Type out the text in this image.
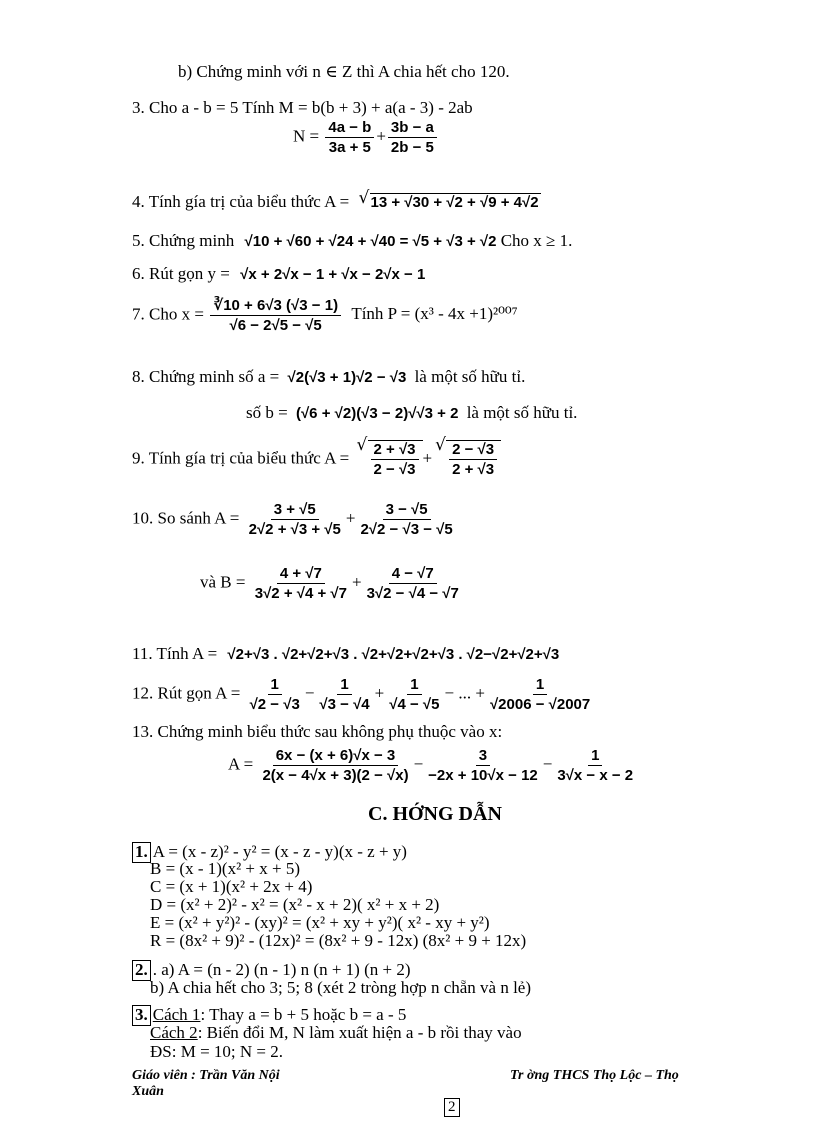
b) Chứng minh với n ∈ Z thì A chia hết cho 120.
3. Cho a - b = 5 Tính M = b(b + 3) + a(a - 3) - 2ab
$N = \frac{4a - b}{3a + 5} + \frac{3b - a}{2b - 5}$
4. Tính gía trị của biểu thức A = √ 13 + √30 + √2 + √9 + 4√2
5. Chứng minh √10 + √60 + √24 + √40 = √5 + √3 + √2 Cho x ≥ 1.
6. Rút gọn y = √x + 2√x − 1 + √x − 2√x − 1
7. Cho $x = \frac{∛10 + 6√3 (√3 - 1)}{√6 - 2√5 - √5}$ Tính P = (x³ - 4x +1)²⁰⁰⁷
8. Chứng minh số a = √2(√3 + 1)√2 − √3 là một số hữu tỉ.
số b = (√6 + √2)(√3 − 2)√√3 + 2 là một số hữu tỉ.
9. Tính gía trị của biểu thức A = √ $\frac{2 + √3}{2 - √3}$ + √ $\frac{2 - √3}{2 + √3}$
10. So sánh $A = \frac{3 + √5}{2√2 + √3 + √5} + \frac{3 - √5}{2√2 - √3 - √5}$
và $B = \frac{4 + √7}{3√2 + √4 + √7} + \frac{4 - √7}{3√2 - √4 - √7}$
11. Tính A = √2+√3 . √2+√2+√3 . √2+√2+√2+√3 . √2−√2+√2+√3
12. Rút gọn $A = \frac{1}{√2 - √3} - \frac{1}{√3 - √4} + \frac{1}{√4 - √5}$ − ... + $\frac{1}{√2006 - √2007}$
13. Chứng minh biểu thức sau không phụ thuộc vào x:
$A = \frac{6x - (x + 6)√x - 3}{2(x - 4√x + 3)(2 - √x)} - \frac{3}{-2x + 10√x - 12} - \frac{1}{3√x - x - 2}$
C. HỚNG DẪN
1. A = (x - z)² - y² = (x - z - y)(x - z + y)
B = (x - 1)(x² + x + 5)
C = (x + 1)(x² + 2x + 4)
D = (x² + 2)² - x² = (x² - x + 2)( x² + x + 2)
E = (x² + y²)² - (xy)² = (x² + xy + y²)( x² - xy + y²)
R = (8x² + 9)² - (12x)² = (8x² + 9 - 12x) (8x² + 9 + 12x)
2. . a) A = (n - 2) (n - 1) n (n + 1) (n + 2)
b) A chia hết cho 3; 5; 8 (xét 2 tròng hợp n chẵn và n lẻ)
3. Cách 1: Thay a = b + 5 hoặc b = a - 5
Cách 2: Biến đổi M, N làm xuất hiện a - b rồi thay vào
ĐS: M = 10; N = 2.
Giáo viên : Trần Văn Nội	Tr ờng THCS Thọ Lộc – Thọ
Xuân
2
